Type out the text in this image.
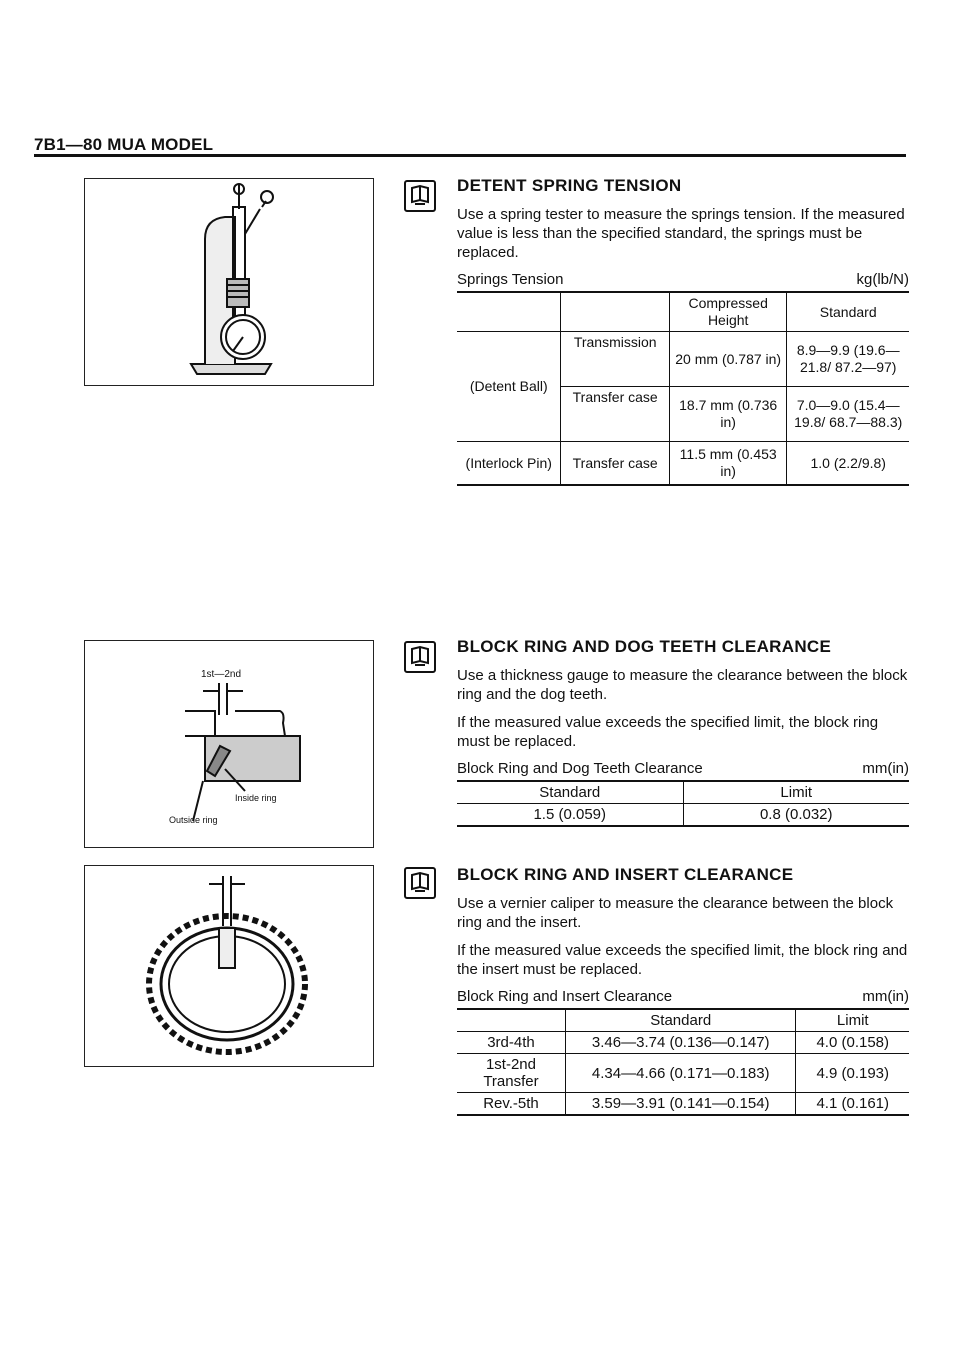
7B1—80 MUA MODEL
1st—2nd
Inside ring
Outside ring
DETENT SPRING TENSION

Use a spring tester to measure the springs tension. If the measured value is less than the specified standard, the springs must be replaced.

Springs Tension	kg(lb/N)
		Compressed Height	Standard
(Detent Ball)	Transmission	20 mm (0.787 in)	8.9—9.9 (19.6—21.8/ 87.2—97)
	Transfer case	18.7 mm (0.736 in)	7.0—9.0 (15.4—19.8/ 68.7—88.3)
(Interlock Pin)	Transfer case	11.5 mm (0.453 in)	1.0 (2.2/9.8)
BLOCK RING AND DOG TEETH CLEARANCE

Use a thickness gauge to measure the clearance between the block ring and the dog teeth.

If the measured value exceeds the specified limit, the block ring must be replaced.

Block Ring and Dog Teeth Clearance	mm(in)
Standard	Limit
1.5 (0.059)	0.8 (0.032)
BLOCK RING AND INSERT CLEARANCE

Use a vernier caliper to measure the clearance between the block ring and the insert.

If the measured value exceeds the specified limit, the block ring and the insert must be replaced.

Block Ring and Insert Clearance	mm(in)
	Standard	Limit
3rd-4th	3.46—3.74 (0.136—0.147)	4.0 (0.158)
1st-2nd Transfer	4.34—4.66 (0.171—0.183)	4.9 (0.193)
Rev.-5th	3.59—3.91 (0.141—0.154)	4.1 (0.161)
